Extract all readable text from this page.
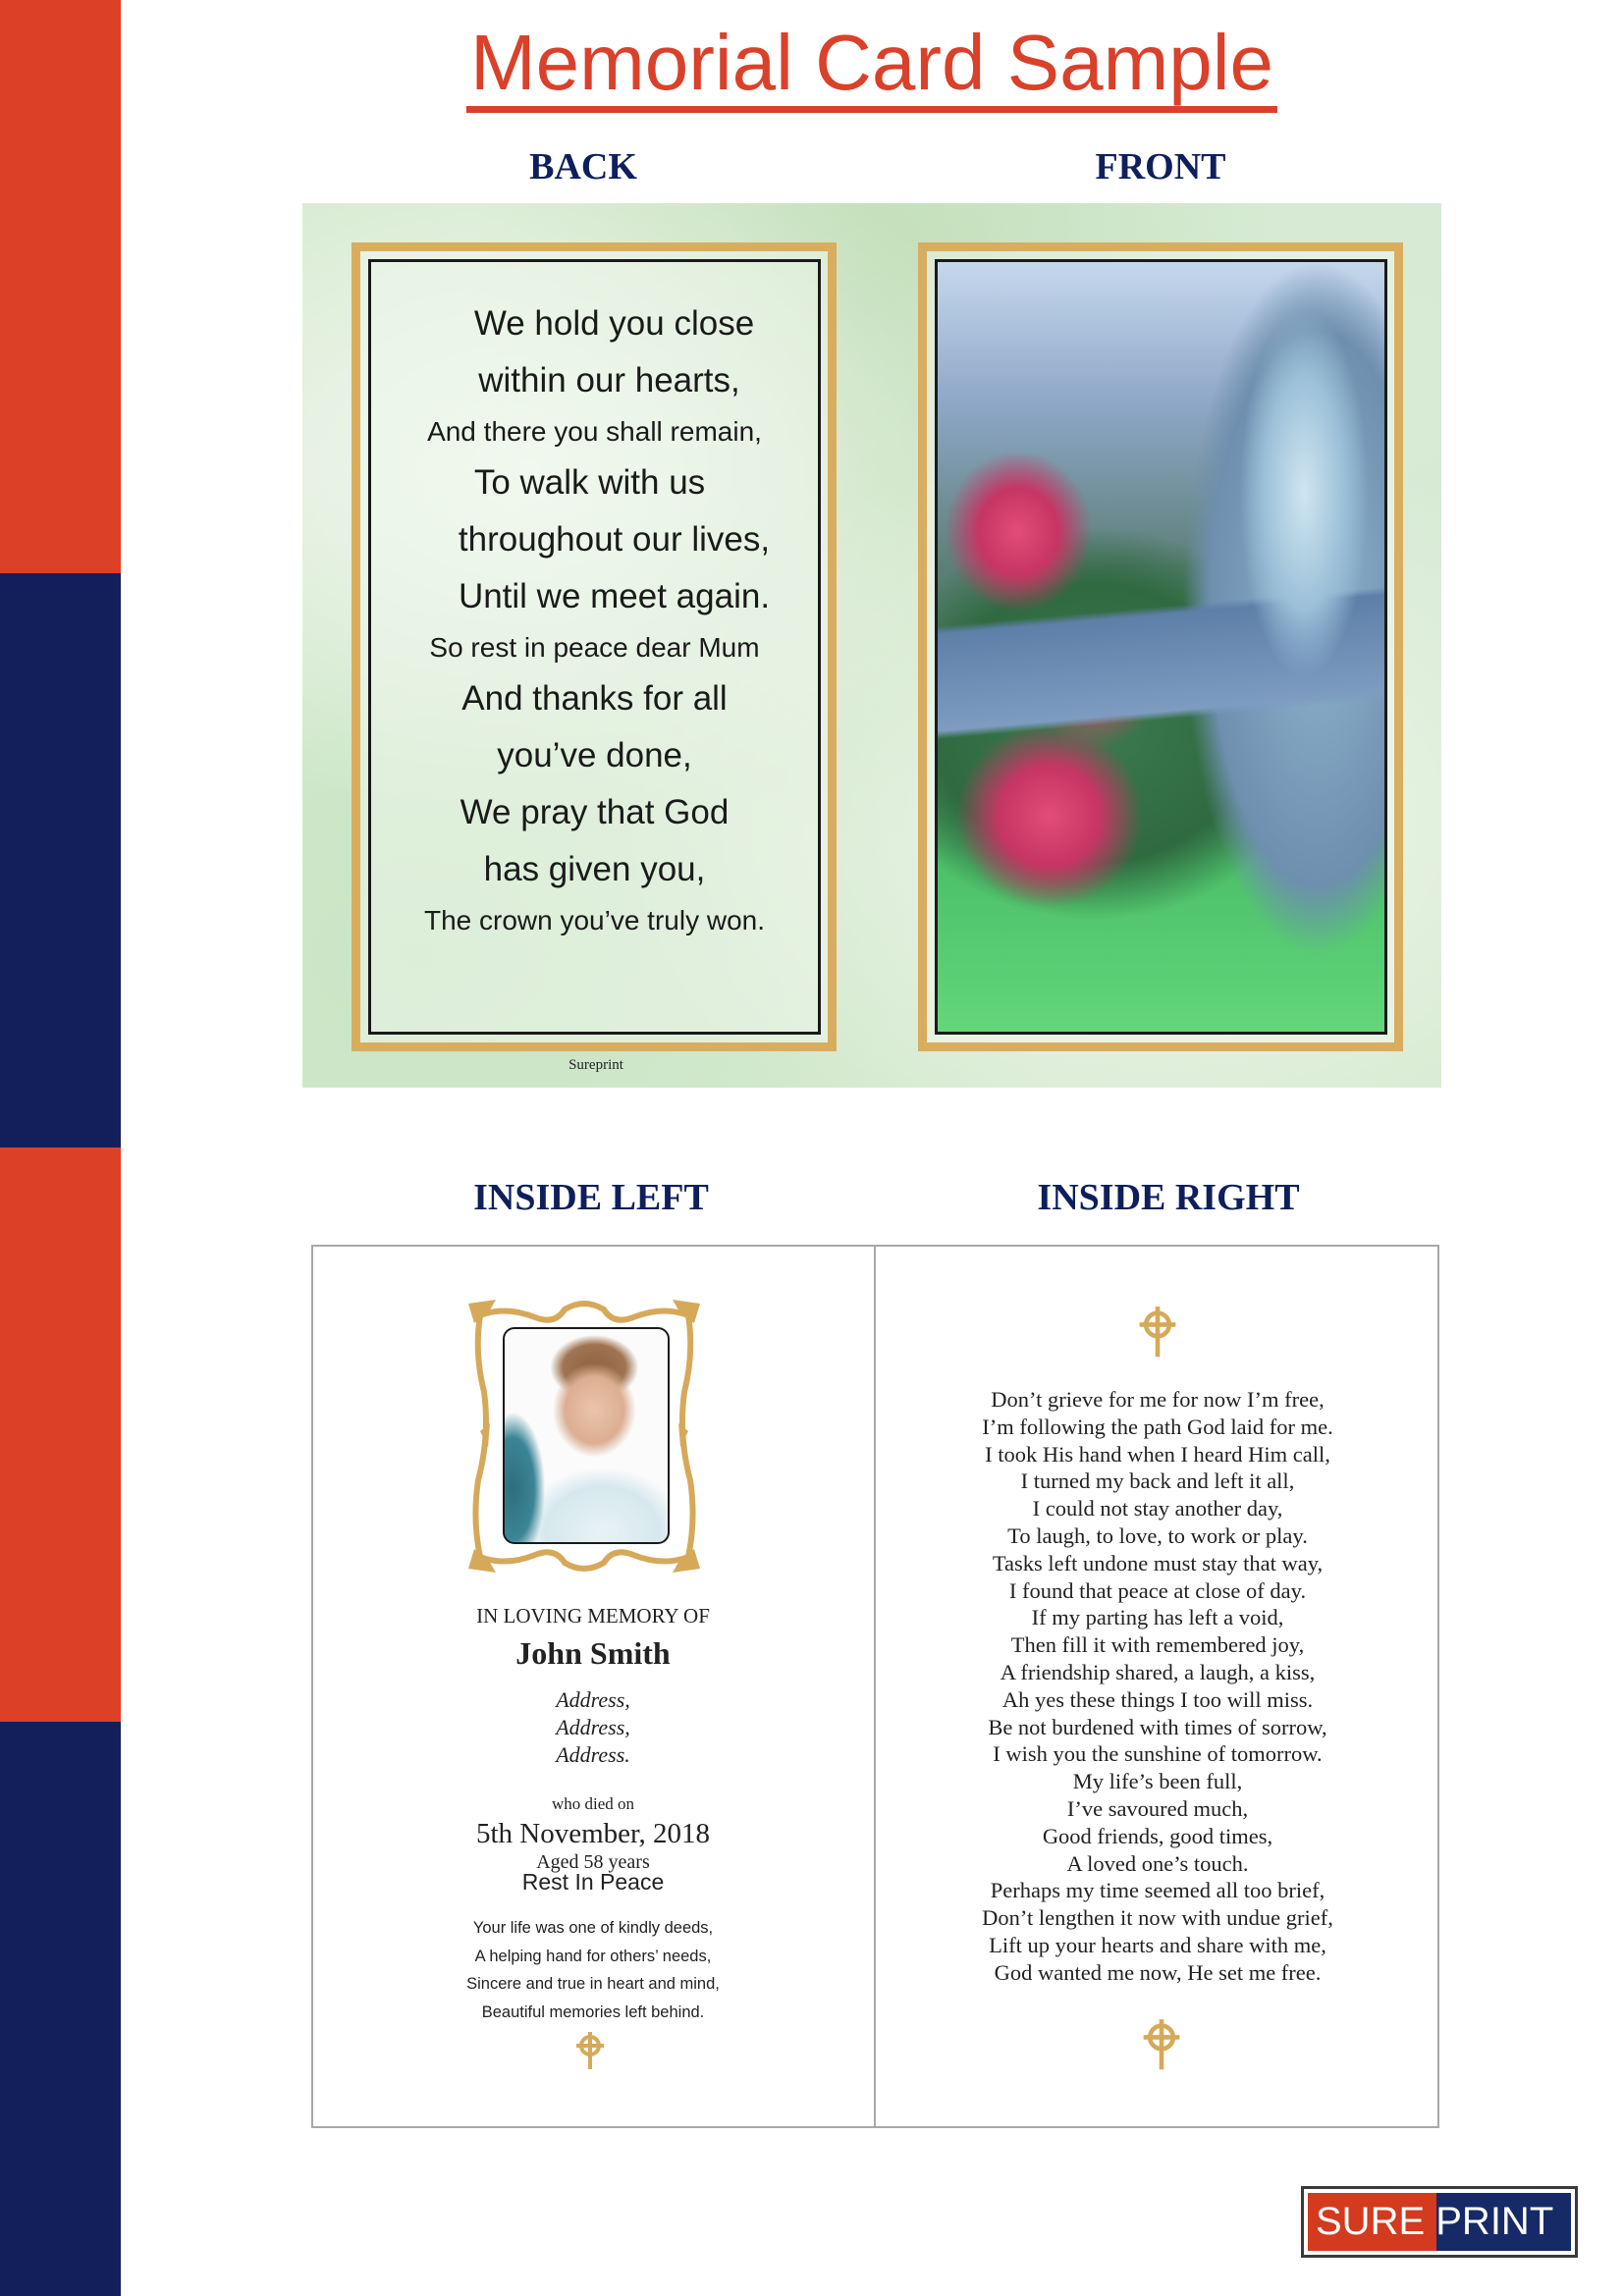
Memorial Card Sample
BACK	FRONT
INSIDE LEFT	INSIDE RIGHT
We hold you close
within our hearts,
And there you shall remain,
To walk with us
throughout our lives,
Until we meet again.
So rest in peace dear Mum
And thanks for all
you’ve done,
We pray that God
has given you,
The crown you’ve truly won.
Sureprint
IN LOVING MEMORY OF
John Smith
Address,
Address,
Address.
who died on
5th November, 2018
Aged 58 years
Rest In Peace
Your life was one of kindly deeds,
A helping hand for others’ needs,
Sincere and true in heart and mind,
Beautiful memories left behind.
Don’t grieve for me for now I’m free,
I’m following the path God laid for me.
I took His hand when I heard Him call,
I turned my back and left it all,
I could not stay another day,
To laugh, to love, to work or play.
Tasks left undone must stay that way,
I found that peace at close of day.
If my parting has left a void,
Then fill it with remembered joy,
A friendship shared, a laugh, a kiss,
Ah yes these things I too will miss.
Be not burdened with times of sorrow,
I wish you the sunshine of tomorrow.
My life’s been full,
I’ve savoured much,
Good friends, good times,
A loved one’s touch.
Perhaps my time seemed all too brief,
Don’t lengthen it now with undue grief,
Lift up your hearts and share with me,
God wanted me now, He set me free.
SURE PRINT
